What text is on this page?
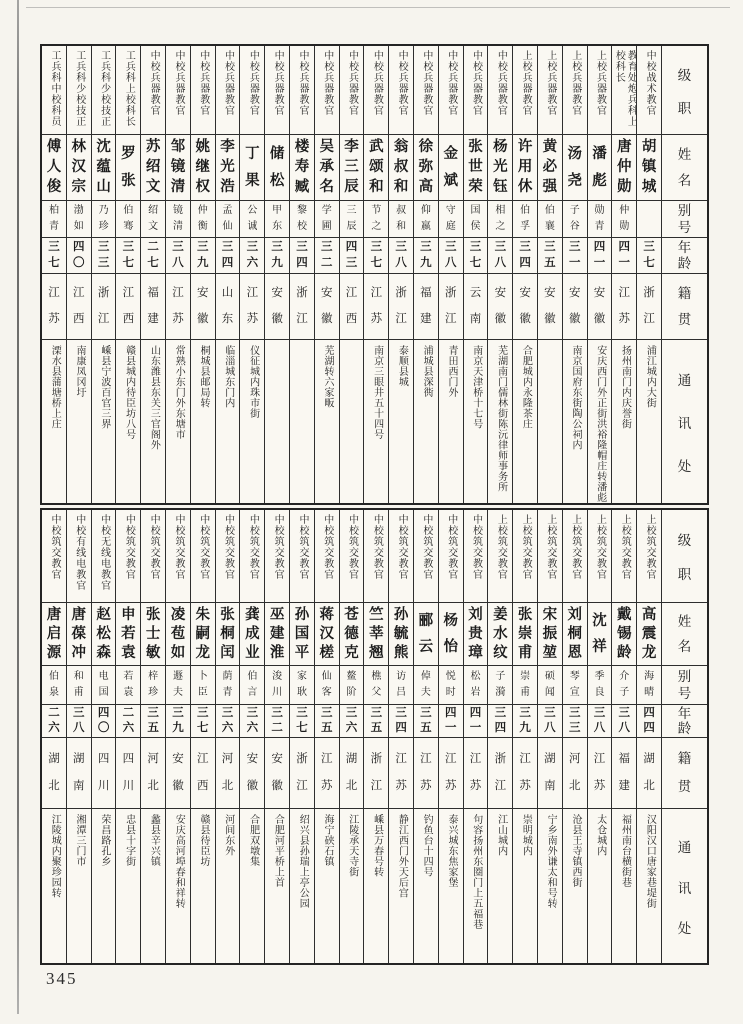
级
职
姓
名
别
号
年
龄
籍
贯
通
讯
处
中校战术教官
胡
镇
城
三
七
浙
江
浦江城内大街
教育处炮兵科上校科长
唐
仲
勋
仲
勋
四
一
江
苏
扬州南门内庆誉街
上校兵器教官
潘
彪
勋
青
四
一
安
徽
安庆西门外正街洪裕隆帽庄转潘彪
上校兵器教官
汤
尧
子
谷
三
一
安
徽
南京国府东街陶公祠内
上校兵器教官
黄
必
强
伯
襄
三
五
安
徽
上校兵器教官
许
用
休
伯
孚
三
四
安
徽
合肥城内永隆茶庄
中校兵器教官
杨
光
钰
相
之
三
八
安
徽
芜湖南门儒林街陈沅律师事务所
中校兵器教官
张
世
荣
国
侯
三
七
云
南
南京天津桥十七号
中校兵器教官
金
斌
守
庭
三
八
浙
江
青田西门外
中校兵器教官
徐
弥
高
仰
嬴
三
九
福
建
浦城县深衖
中校兵器教官
翁
叔
和
叔
和
三
八
浙
江
泰顺县城
中校兵器教官
武
颂
和
节
之
三
七
江
苏
南京三眼井五十四号
中校兵器教官
李
三
辰
三
辰
四
三
江
西
中校兵器教官
吴
承
名
学
圃
三
二
安
徽
芜湖转六家畈
中校兵器教官
楼
寿
臧
黎
校
三
四
浙
江
中校兵器教官
储
松
甲
东
三
九
安
徽
中校兵器教官
丁
果
公
诚
三
六
江
苏
仪征城内珠市街
中校兵器教官
李
光
浩
孟
仙
三
四
山
东
临淄城东门内
中校兵器教官
姚
继
权
仲
衡
三
九
安
徽
桐城县邮局转
中校兵器教官
邹
镜
清
镜
清
三
八
江
苏
常熟小东门外东塘市
中校兵器教官
苏
绍
文
绍
文
二
七
福
建
山东潍县东关三官阁外
工兵科上校科长
罗
张
伯
骞
三
七
江
西
赣县城内待臣坊八号
工兵科少校技正
沈
蕴
山
乃
珍
三
三
浙
江
嵊县宁波百官三界
工兵科少校技正
林
汉
宗
渤
如
四
〇
江
西
南康凤冈圩
工兵科中校科员
傅
人
俊
柏
青
三
七
江
苏
溧水县蒲塘桥上庄
级
职
姓
名
别
号
年
龄
籍
贯
通
讯
处
上校筑交教官
高
震
龙
海
晴
四
四
湖
北
汉阳汉口唐家巷堤街
上校筑交教官
戴
锡
龄
介
子
三
八
福
建
福州南台横街巷
上校筑交教官
沈
祥
季
良
三
八
江
苏
太仓城内
上校筑交教官
刘
桐
恩
琴
宣
三
三
河
北
沧县王寺镇西街
上校筑交教官
宋
振
堃
硕
闻
三
八
湖
南
宁乡南外谦太和号转
上校筑交教官
张
崇
甫
崇
甫
三
九
江
苏
崇明城内
上校筑交教官
姜
水
纹
子
漪
三
四
浙
江
江山城内
中校筑交教官
刘
贵
璋
松
岩
四
一
江
苏
句容扬州东圈门上五福巷
中校筑交教官
杨
怡
悦
时
四
一
江
苏
泰兴城东焦家堡
中校筑交教官
郦
云
倬
夫
三
五
江
苏
钓鱼台十四号
中校筑交教官
孙
毓
熊
访
吕
三
四
江
苏
静江西门外天后宫
中校筑交教官
竺
莘
翘
樵
父
三
五
浙
江
嵊县万春号转
中校筑交教官
苍
德
克
鳌
阶
三
六
湖
北
江陵承天寺街
中校筑交教官
蒋
汉
槎
仙
客
三
五
江
苏
海宁硖石镇
中校筑交教官
孙
国
平
家
耿
三
七
浙
江
绍兴县孙瑞上亭公园
中校筑交教官
巫
建
淮
浚
川
三
二
安
徽
合肥河平桥上首
中校筑交教官
龚
成
业
伯
言
三
六
安
徽
合肥双墩集
中校筑交教官
张
桐
闰
荫
青
三
六
河
北
河间东外
中校筑交教官
朱
嗣
龙
卜
臣
三
七
江
西
赣县待臣坊
中校筑交教官
凌
苞
如
遯
夫
三
九
安
徽
安庆高河埠春和祥转
中校筑交教官
张
士
敏
梓
珍
三
五
河
北
蠡县辛兴镇
中校筑交教官
申
若
袁
若
袁
二
六
四
川
忠县十字街
中校无线电教官
赵
松
森
电
国
四
〇
四
川
荣昌路孔乡
中校有线电教官
唐
葆
冲
和
甫
三
八
湖
南
湘潭三门市
中校筑交教官
唐
启
源
伯
泉
二
六
湖
北
江陵城内聚珍园转
345
